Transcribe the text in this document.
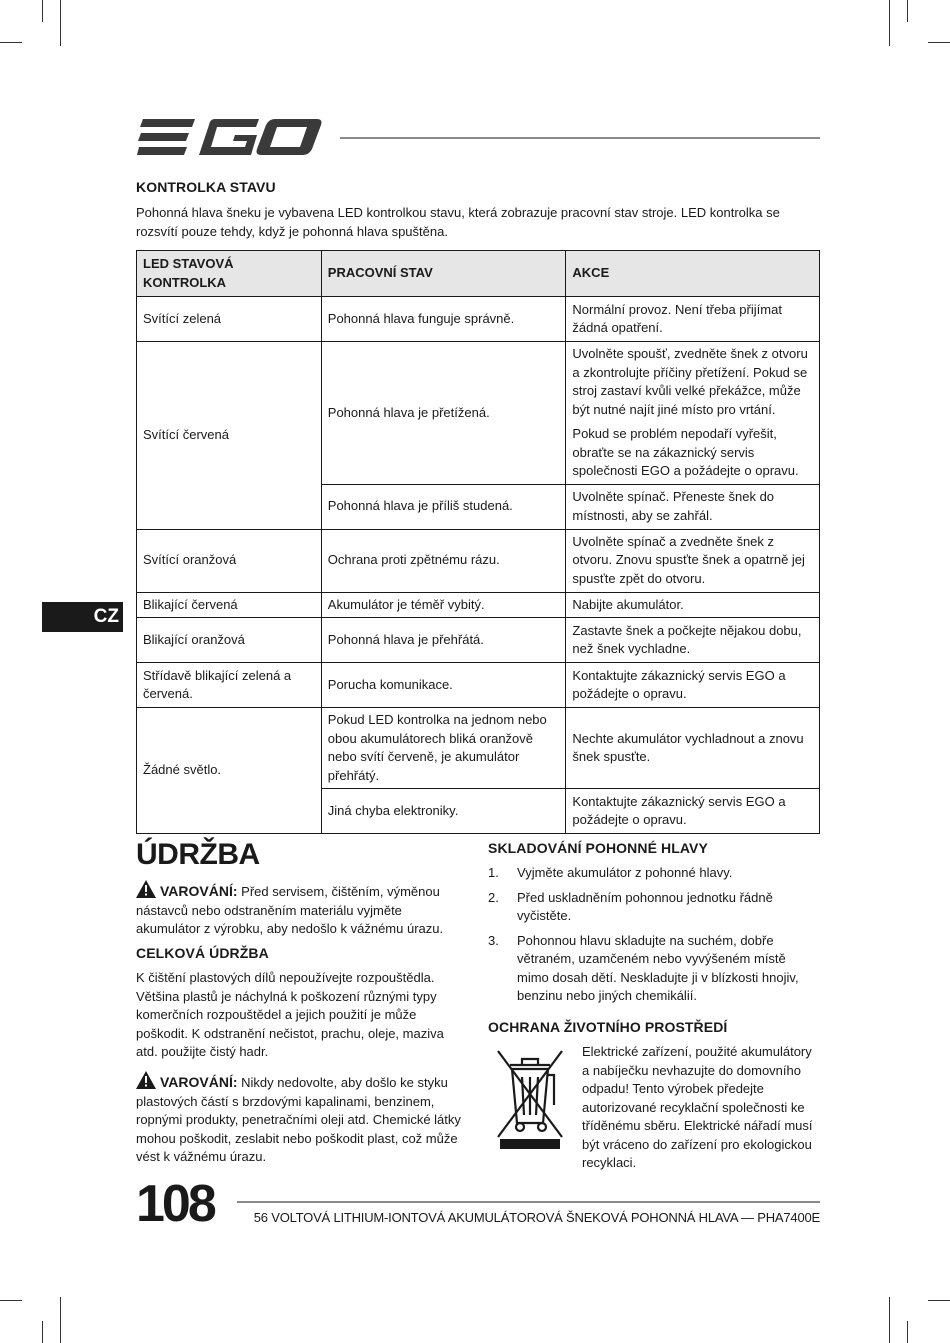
KONTROLKA STAVU

Pohonná hlava šneku je vybavena LED kontrolkou stavu, která zobrazuje pracovní stav stroje. LED kontrolka se rozsvítí pouze tehdy, když je pohonná hlava spuštěna.

LED STAVOVÁ KONTROLKA	PRACOVNÍ STAV	AKCE
Svítící zelená	Pohonná hlava funguje správně.	Normální provoz. Není třeba přijímat žádná opatření.
Svítící červená	Pohonná hlava je přetížená.	Uvolněte spoušť, zvedněte šnek z otvoru a zkontrolujte příčiny přetížení. Pokud se stroj zastaví kvůli velké překážce, může být nutné najít jiné místo pro vrtání.

Pokud se problém nepodaří vyřešit, obraťte se na zákaznický servis společnosti EGO a požádejte o opravu.

	Pohonná hlava je příliš studená.	Uvolněte spínač. Přeneste šnek do místnosti, aby se zahřál.
Svítící oranžová	Ochrana proti zpětnému rázu.	Uvolněte spínač a zvedněte šnek z otvoru. Znovu spusťte šnek a opatrně jej spusťte zpět do otvoru.
Blikající červená	Akumulátor je téměř vybitý.	Nabijte akumulátor.
Blikající oranžová	Pohonná hlava je přehřátá.	Zastavte šnek a počkejte nějakou dobu, než šnek vychladne.
Střídavě blikající zelená a červená.	Porucha komunikace.	Kontaktujte zákaznický servis EGO a požádejte o opravu.
Žádné světlo.	Pokud LED kontrolka na jednom nebo obou akumulátorech bliká oranžově nebo svítí červeně, je akumulátor přehřátý.	Nechte akumulátor vychladnout a znovu šnek spusťte.
	Jiná chyba elektroniky.	Kontaktujte zákaznický servis EGO a požádejte o opravu.
CZ
ÚDRŽBA

VAROVÁNÍ: Před servisem, čištěním, výměnou nástavců nebo odstraněním materiálu vyjměte akumulátor z výrobku, aby nedošlo k vážnému úrazu.

CELKOVÁ ÚDRŽBA

K čištění plastových dílů nepoužívejte rozpouštědla. Většina plastů je náchylná k poškození různými typy komerčních rozpouštědel a jejich použití je může poškodit. K odstranění nečistot, prachu, oleje, maziva atd. použijte čistý hadr.

VAROVÁNÍ: Nikdy nedovolte, aby došlo ke styku plastových částí s brzdovými kapalinami, benzinem, ropnými produkty, penetračními oleji atd. Chemické látky mohou poškodit, zeslabit nebo poškodit plast, což může vést k vážnému úrazu.

SKLADOVÁNÍ POHONNÉ HLAVY
1. Vyjměte akumulátor z pohonné hlavy.
2. Před uskladněním pohonnou jednotku řádně vyčistěte.
3. Pohonnou hlavu skladujte na suchém, dobře větraném, uzamčeném nebo vyvýšeném místě mimo dosah dětí. Neskladujte ji v blízkosti hnojiv, benzinu nebo jiných chemikálií.
OCHRANA ŽIVOTNÍHO PROSTŘEDÍ

Elektrické zařízení, použité akumulátory a nabíječku nevhazujte do domovního odpadu! Tento výrobek předejte autorizované recyklační společnosti ke tříděnému sběru. Elektrické nářadí musí být vráceno do zařízení pro ekologickou recyklaci.

108	56 VOLTOVÁ LITHIUM-IONTOVÁ AKUMULÁTOROVÁ ŠNEKOVÁ POHONNÁ HLAVA — PHA7400E
